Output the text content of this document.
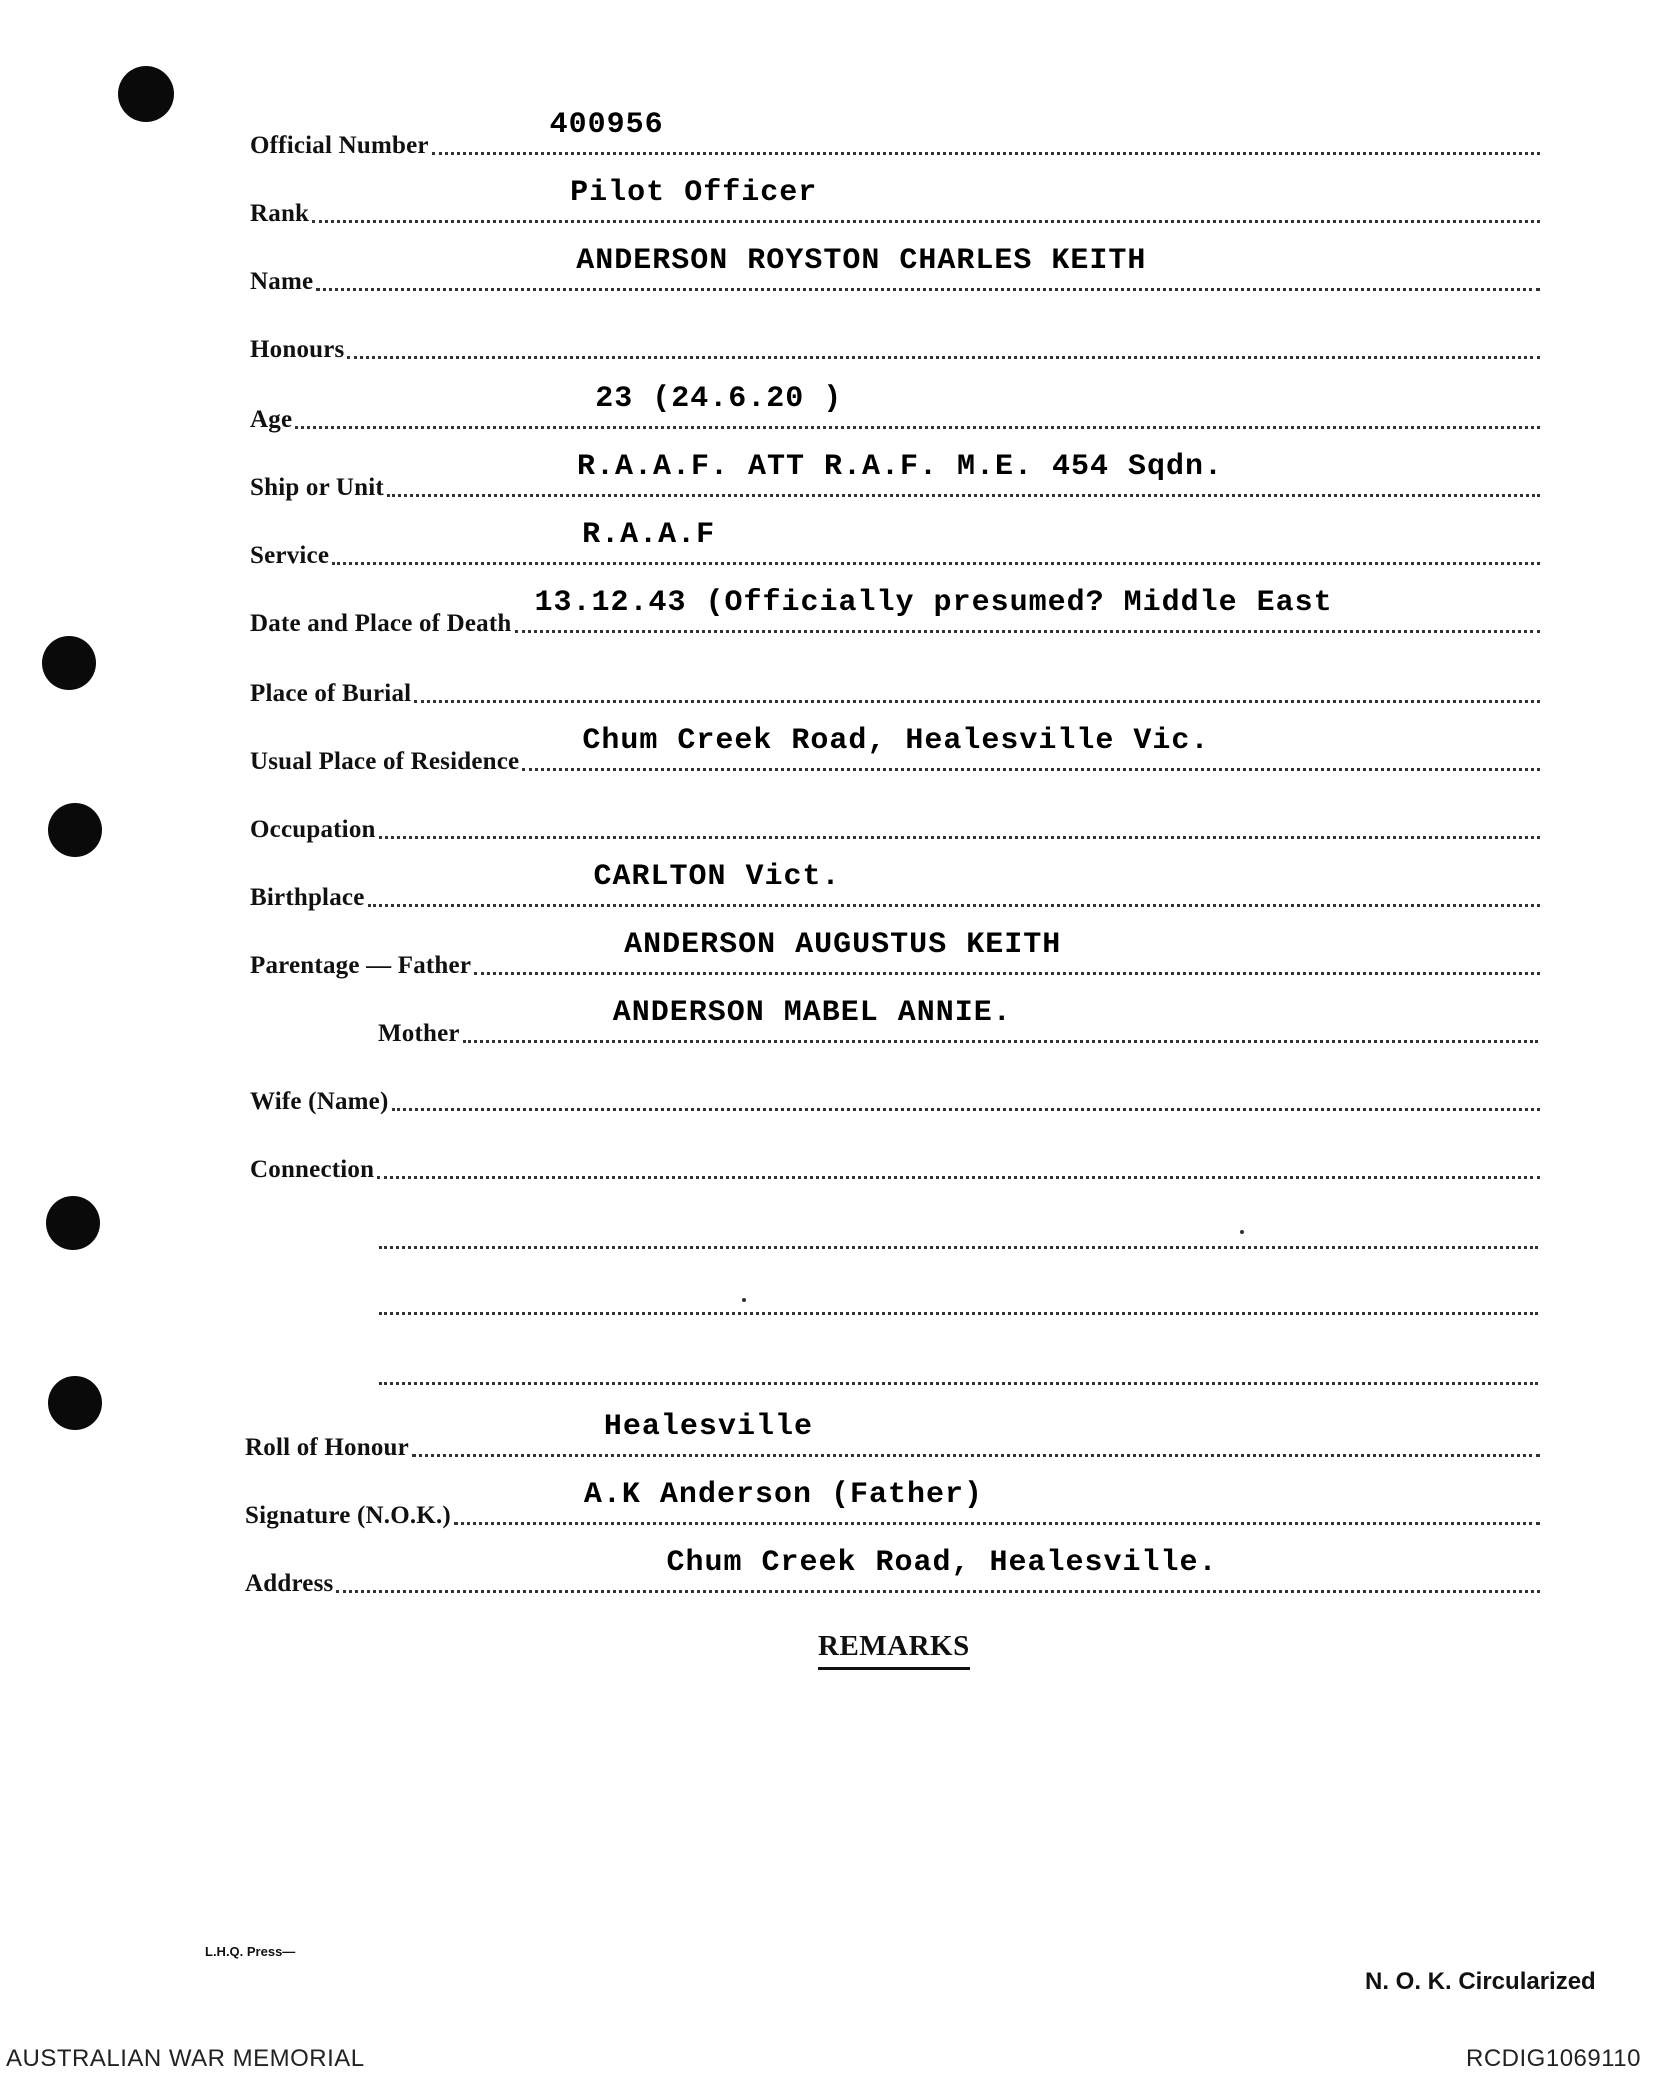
Official Number
400956
Rank
Pilot Officer
Name
ANDERSON ROYSTON CHARLES KEITH
Honours
Age
23 (24.6.20 )
Ship or Unit
R.A.A.F. ATT R.A.F. M.E. 454 Sqdn.
Service
R.A.A.F
Date and Place of Death
13.12.43 (Officially presumed? Middle East
Place of Burial
Usual Place of Residence
Chum Creek Road, Healesville Vic.
Occupation
Birthplace
CARLTON Vict.
Parentage — Father
ANDERSON AUGUSTUS KEITH
Mother
ANDERSON MABEL ANNIE.
Wife (Name)
Connection
Roll of Honour
Healesville
Signature (N.O.K.)
A.K Anderson (Father)
Address
Chum Creek Road, Healesville.
REMARKS
L.H.Q. Press—
N. O. K. Circularized
AUSTRALIAN WAR MEMORIAL	RCDIG1069110
